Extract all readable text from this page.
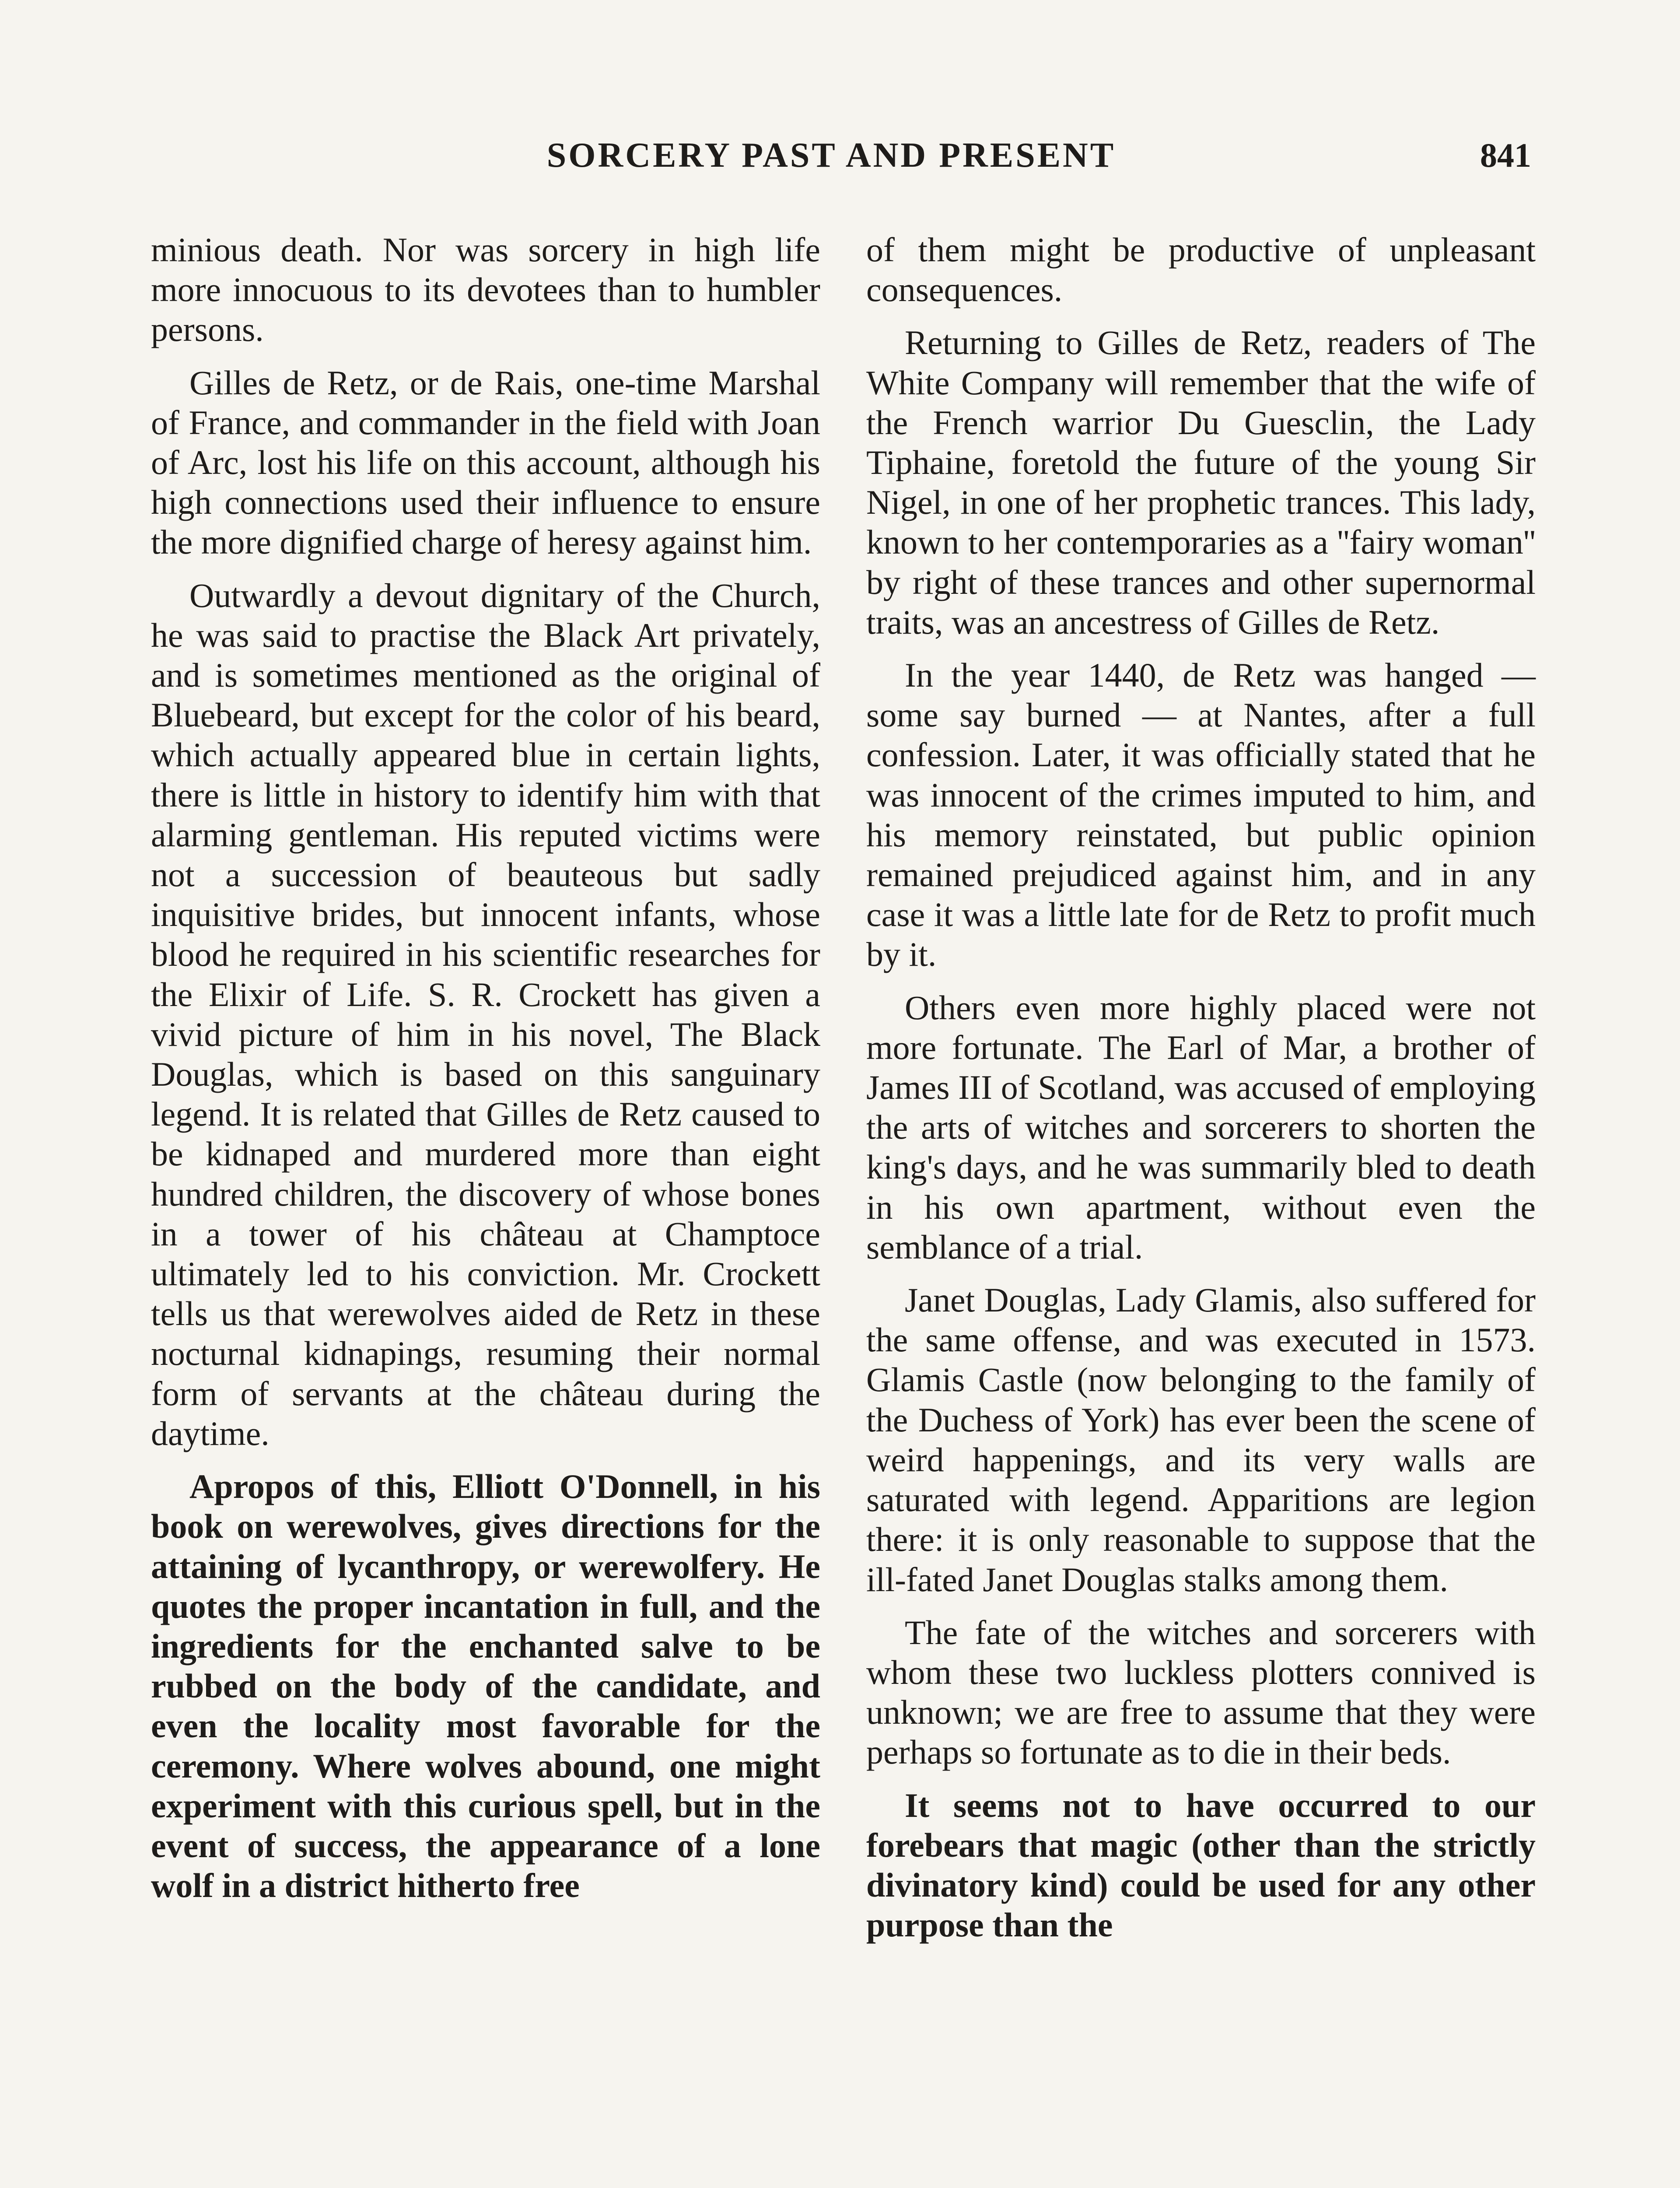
SORCERY PAST AND PRESENT	841

minious death. Nor was sorcery in high life more innocuous to its devotees than to humbler persons.

Gilles de Retz, or de Rais, one-time Marshal of France, and commander in the field with Joan of Arc, lost his life on this account, although his high connections used their influence to ensure the more dignified charge of heresy against him.

Outwardly a devout dignitary of the Church, he was said to practise the Black Art privately, and is sometimes mentioned as the original of Bluebeard, but except for the color of his beard, which actually appeared blue in certain lights, there is little in history to identify him with that alarming gentleman. His reputed victims were not a succession of beauteous but sadly inquisitive brides, but innocent infants, whose blood he required in his scientific researches for the Elixir of Life. S. R. Crockett has given a vivid picture of him in his novel, The Black Douglas, which is based on this sanguinary legend. It is related that Gilles de Retz caused to be kidnaped and murdered more than eight hundred children, the discovery of whose bones in a tower of his château at Champtoce ultimately led to his conviction. Mr. Crockett tells us that werewolves aided de Retz in these nocturnal kidnapings, resuming their normal form of servants at the château during the daytime.

Apropos of this, Elliott O'Donnell, in his book on werewolves, gives directions for the attaining of lycanthropy, or werewolfery. He quotes the proper incantation in full, and the ingredients for the enchanted salve to be rubbed on the body of the candidate, and even the locality most favorable for the ceremony. Where wolves abound, one might experiment with this curious spell, but in the event of success, the appearance of a lone wolf in a district hitherto free

of them might be productive of unpleasant consequences.

Returning to Gilles de Retz, readers of The White Company will remember that the wife of the French warrior Du Guesclin, the Lady Tiphaine, foretold the future of the young Sir Nigel, in one of her prophetic trances. This lady, known to her contemporaries as a ''fairy woman'' by right of these trances and other supernormal traits, was an ancestress of Gilles de Retz.

In the year 1440, de Retz was hanged — some say burned — at Nantes, after a full confession. Later, it was officially stated that he was innocent of the crimes imputed to him, and his memory reinstated, but public opinion remained prejudiced against him, and in any case it was a little late for de Retz to profit much by it.

Others even more highly placed were not more fortunate. The Earl of Mar, a brother of James III of Scotland, was accused of employing the arts of witches and sorcerers to shorten the king's days, and he was summarily bled to death in his own apartment, without even the semblance of a trial.

Janet Douglas, Lady Glamis, also suffered for the same offense, and was executed in 1573. Glamis Castle (now belonging to the family of the Duchess of York) has ever been the scene of weird happenings, and its very walls are saturated with legend. Apparitions are legion there: it is only reasonable to suppose that the ill-fated Janet Douglas stalks among them.

The fate of the witches and sorcerers with whom these two luckless plotters connived is unknown; we are free to assume that they were perhaps so fortunate as to die in their beds.

It seems not to have occurred to our forebears that magic (other than the strictly divinatory kind) could be used for any other purpose than the
